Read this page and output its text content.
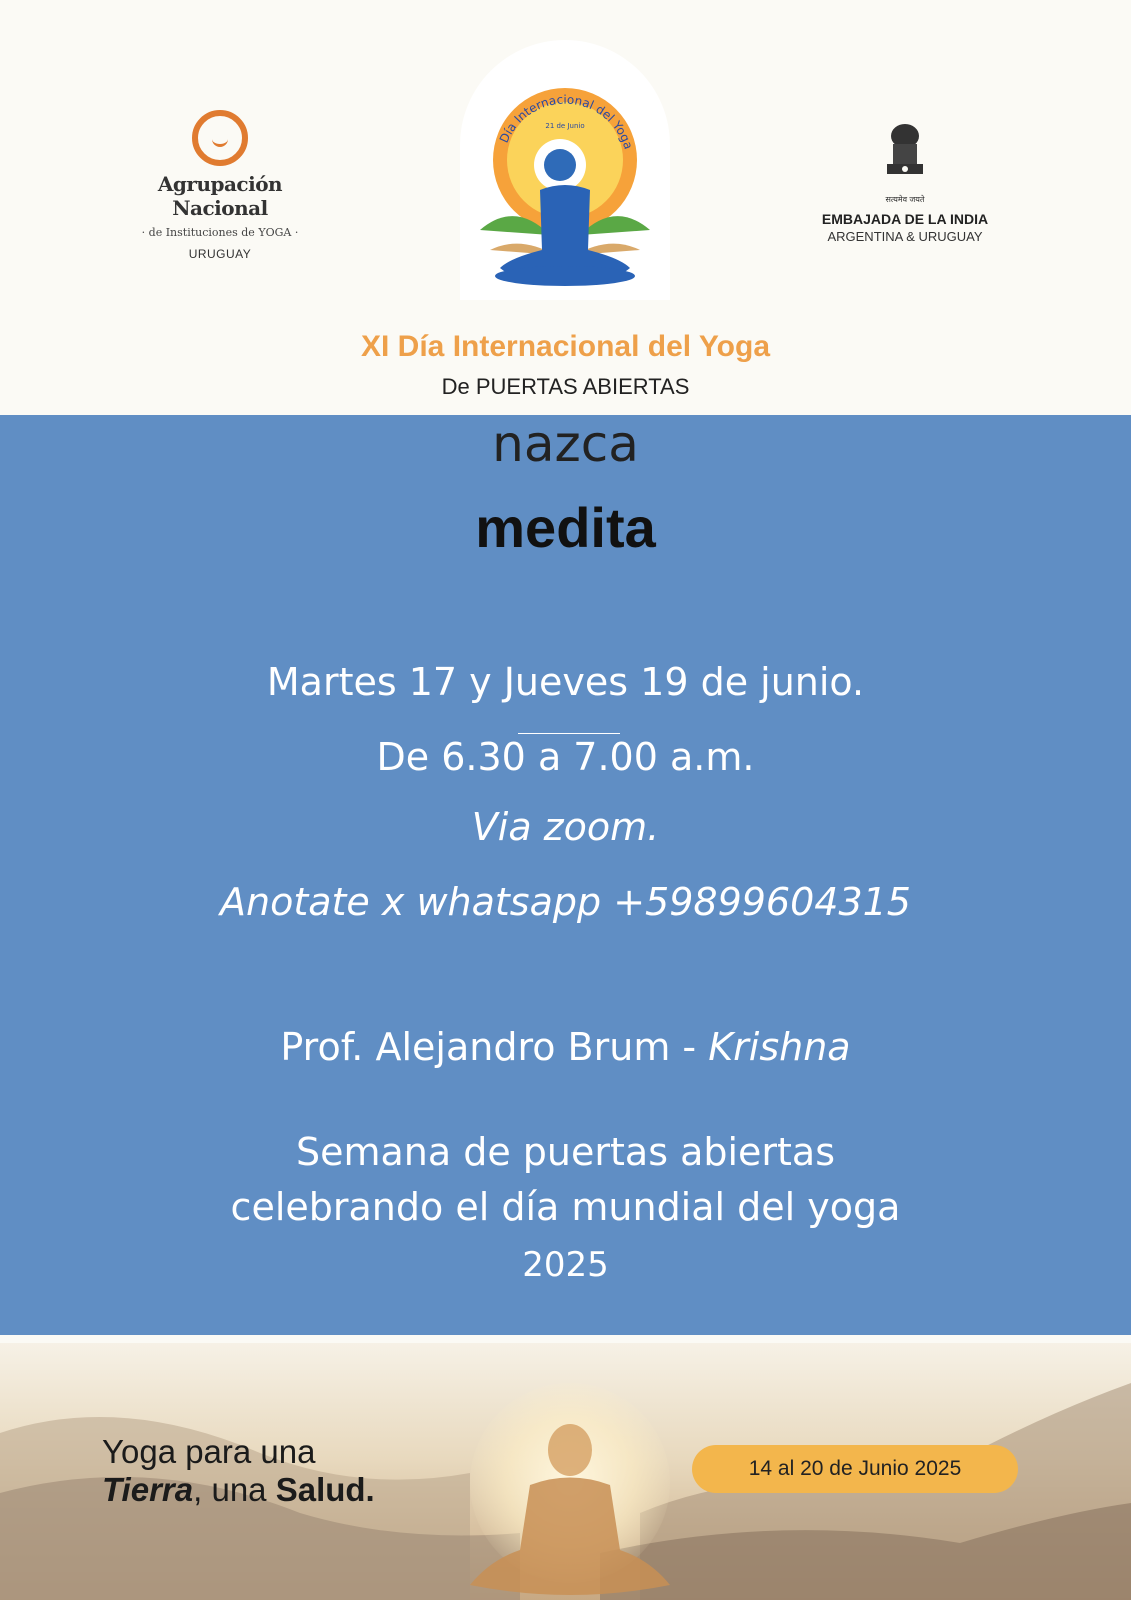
Agrupación Nacional
· de Instituciones de YOGA ·
URUGUAY
Día Internacional del Yoga
21 de Junio
सत्यमेव जयते
EMBAJADA DE LA INDIA
ARGENTINA & URUGUAY
XI Día Internacional del Yoga
De PUERTAS ABIERTAS
nazca
medita
Martes 17 y Jueves 19 de junio.
De 6.30 a 7.00 a.m.
Via zoom.
Anotate x whatsapp +59899604315
Prof. Alejandro Brum - Krishna
Semana de puertas abiertas
celebrando el día mundial del yoga
2025
Yoga para una
Tierra, una Salud.
14 al 20 de Junio 2025
